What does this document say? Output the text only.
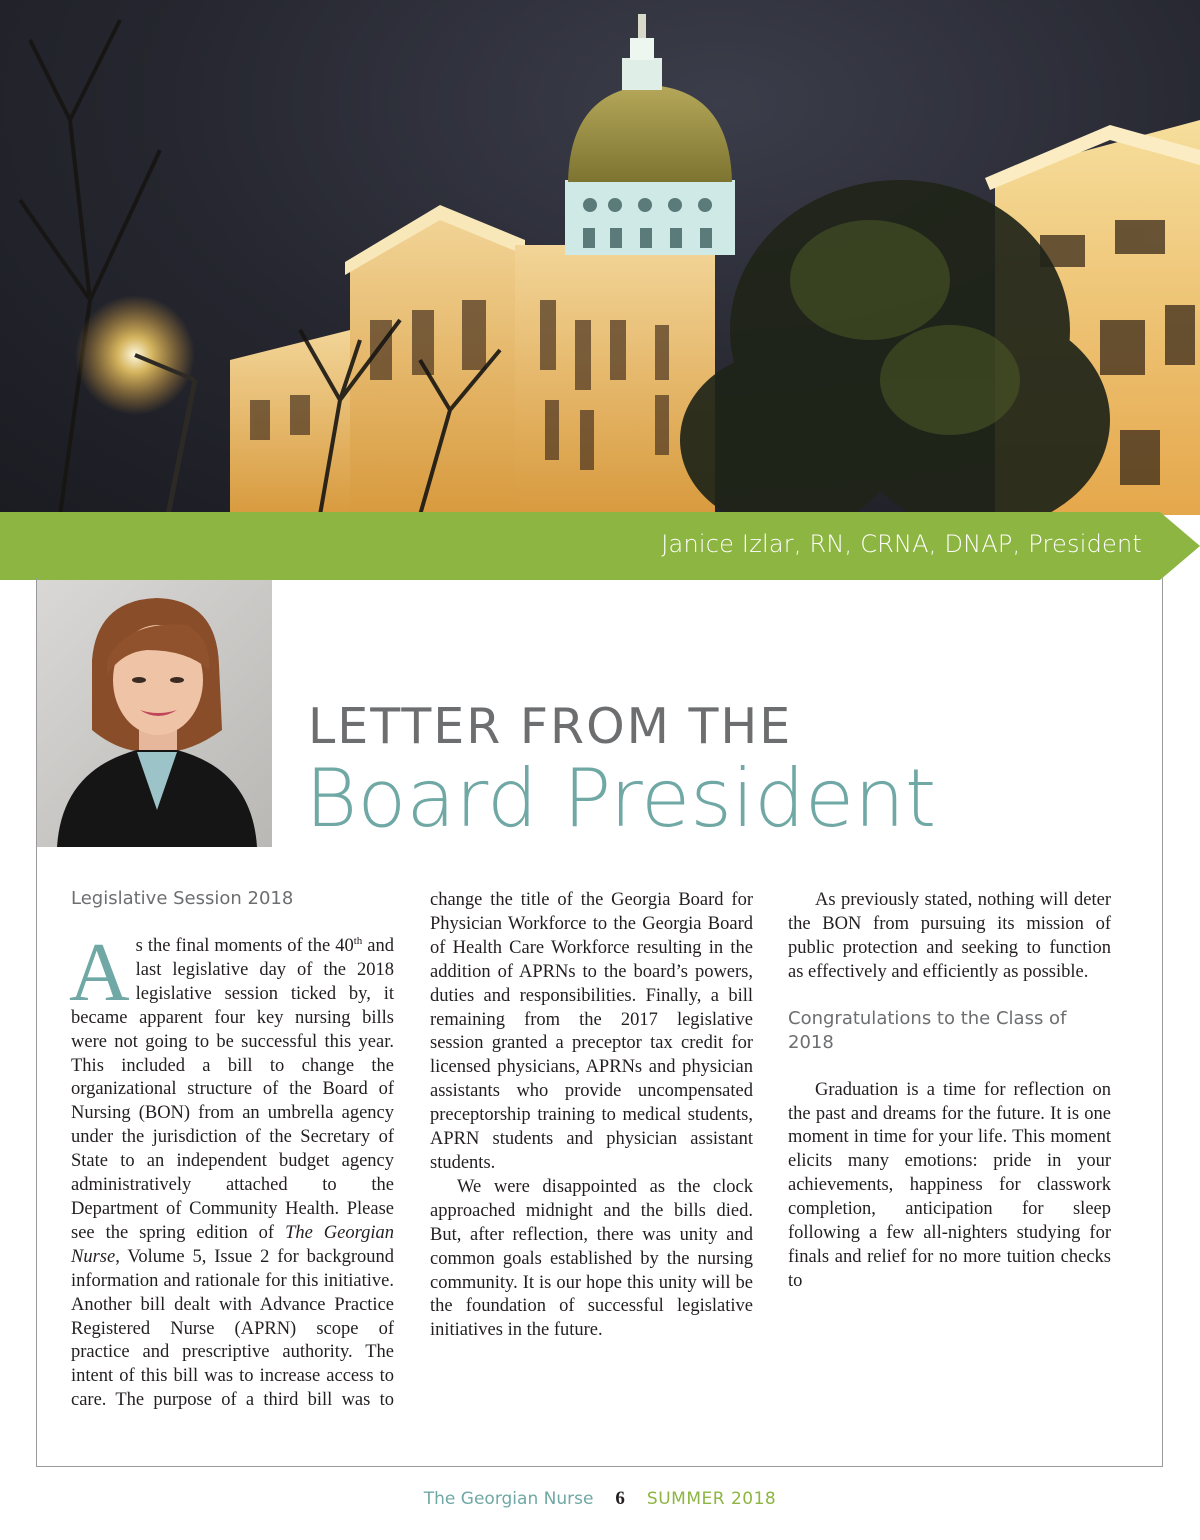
Janice Izlar, RN, CRNA, DNAP, President
LETTER FROM THE
Board President

Legislative Session 2018

As the final moments of the 40th and last legislative day of the 2018 legislative session ticked by, it became apparent four key nursing bills were not going to be successful this year. This included a bill to change the organizational structure of the Board of Nursing (BON) from an umbrella agency under the jurisdiction of the Secretary of State to an independent budget agency administratively attached to the Department of Community Health. Please see the spring edition of The Georgian Nurse, Volume 5, Issue 2 for background information and rationale for this initiative. Another bill dealt with Advance Practice Registered Nurse (APRN) scope of practice and prescriptive authority. The intent of this bill was to increase access to care. The purpose of a third bill was to

change the title of the Georgia Board for Physician Workforce to the Georgia Board of Health Care Workforce resulting in the addition of APRNs to the board’s powers, duties and responsibilities. Finally, a bill remaining from the 2017 legislative session granted a preceptor tax credit for licensed physicians, APRNs and physician assistants who provide uncompensated preceptorship training to medical students, APRN students and physician assistant students.

We were disappointed as the clock approached midnight and the bills died. But, after reflection, there was unity and common goals established by the nursing community. It is our hope this unity will be the foundation of successful legislative initiatives in the future.

As previously stated, nothing will deter the BON from pursuing its mission of public protection and seeking to function as effectively and efficiently as possible.

Congratulations to the Class of 2018

Graduation is a time for reflection on the past and dreams for the future. It is one moment in time for your life. This moment elicits many emotions: pride in your achievements, happiness for classwork completion, anticipation for sleep following a few all-nighters studying for finals and relief for no more tuition checks to

The Georgian Nurse 6 SUMMER 2018
